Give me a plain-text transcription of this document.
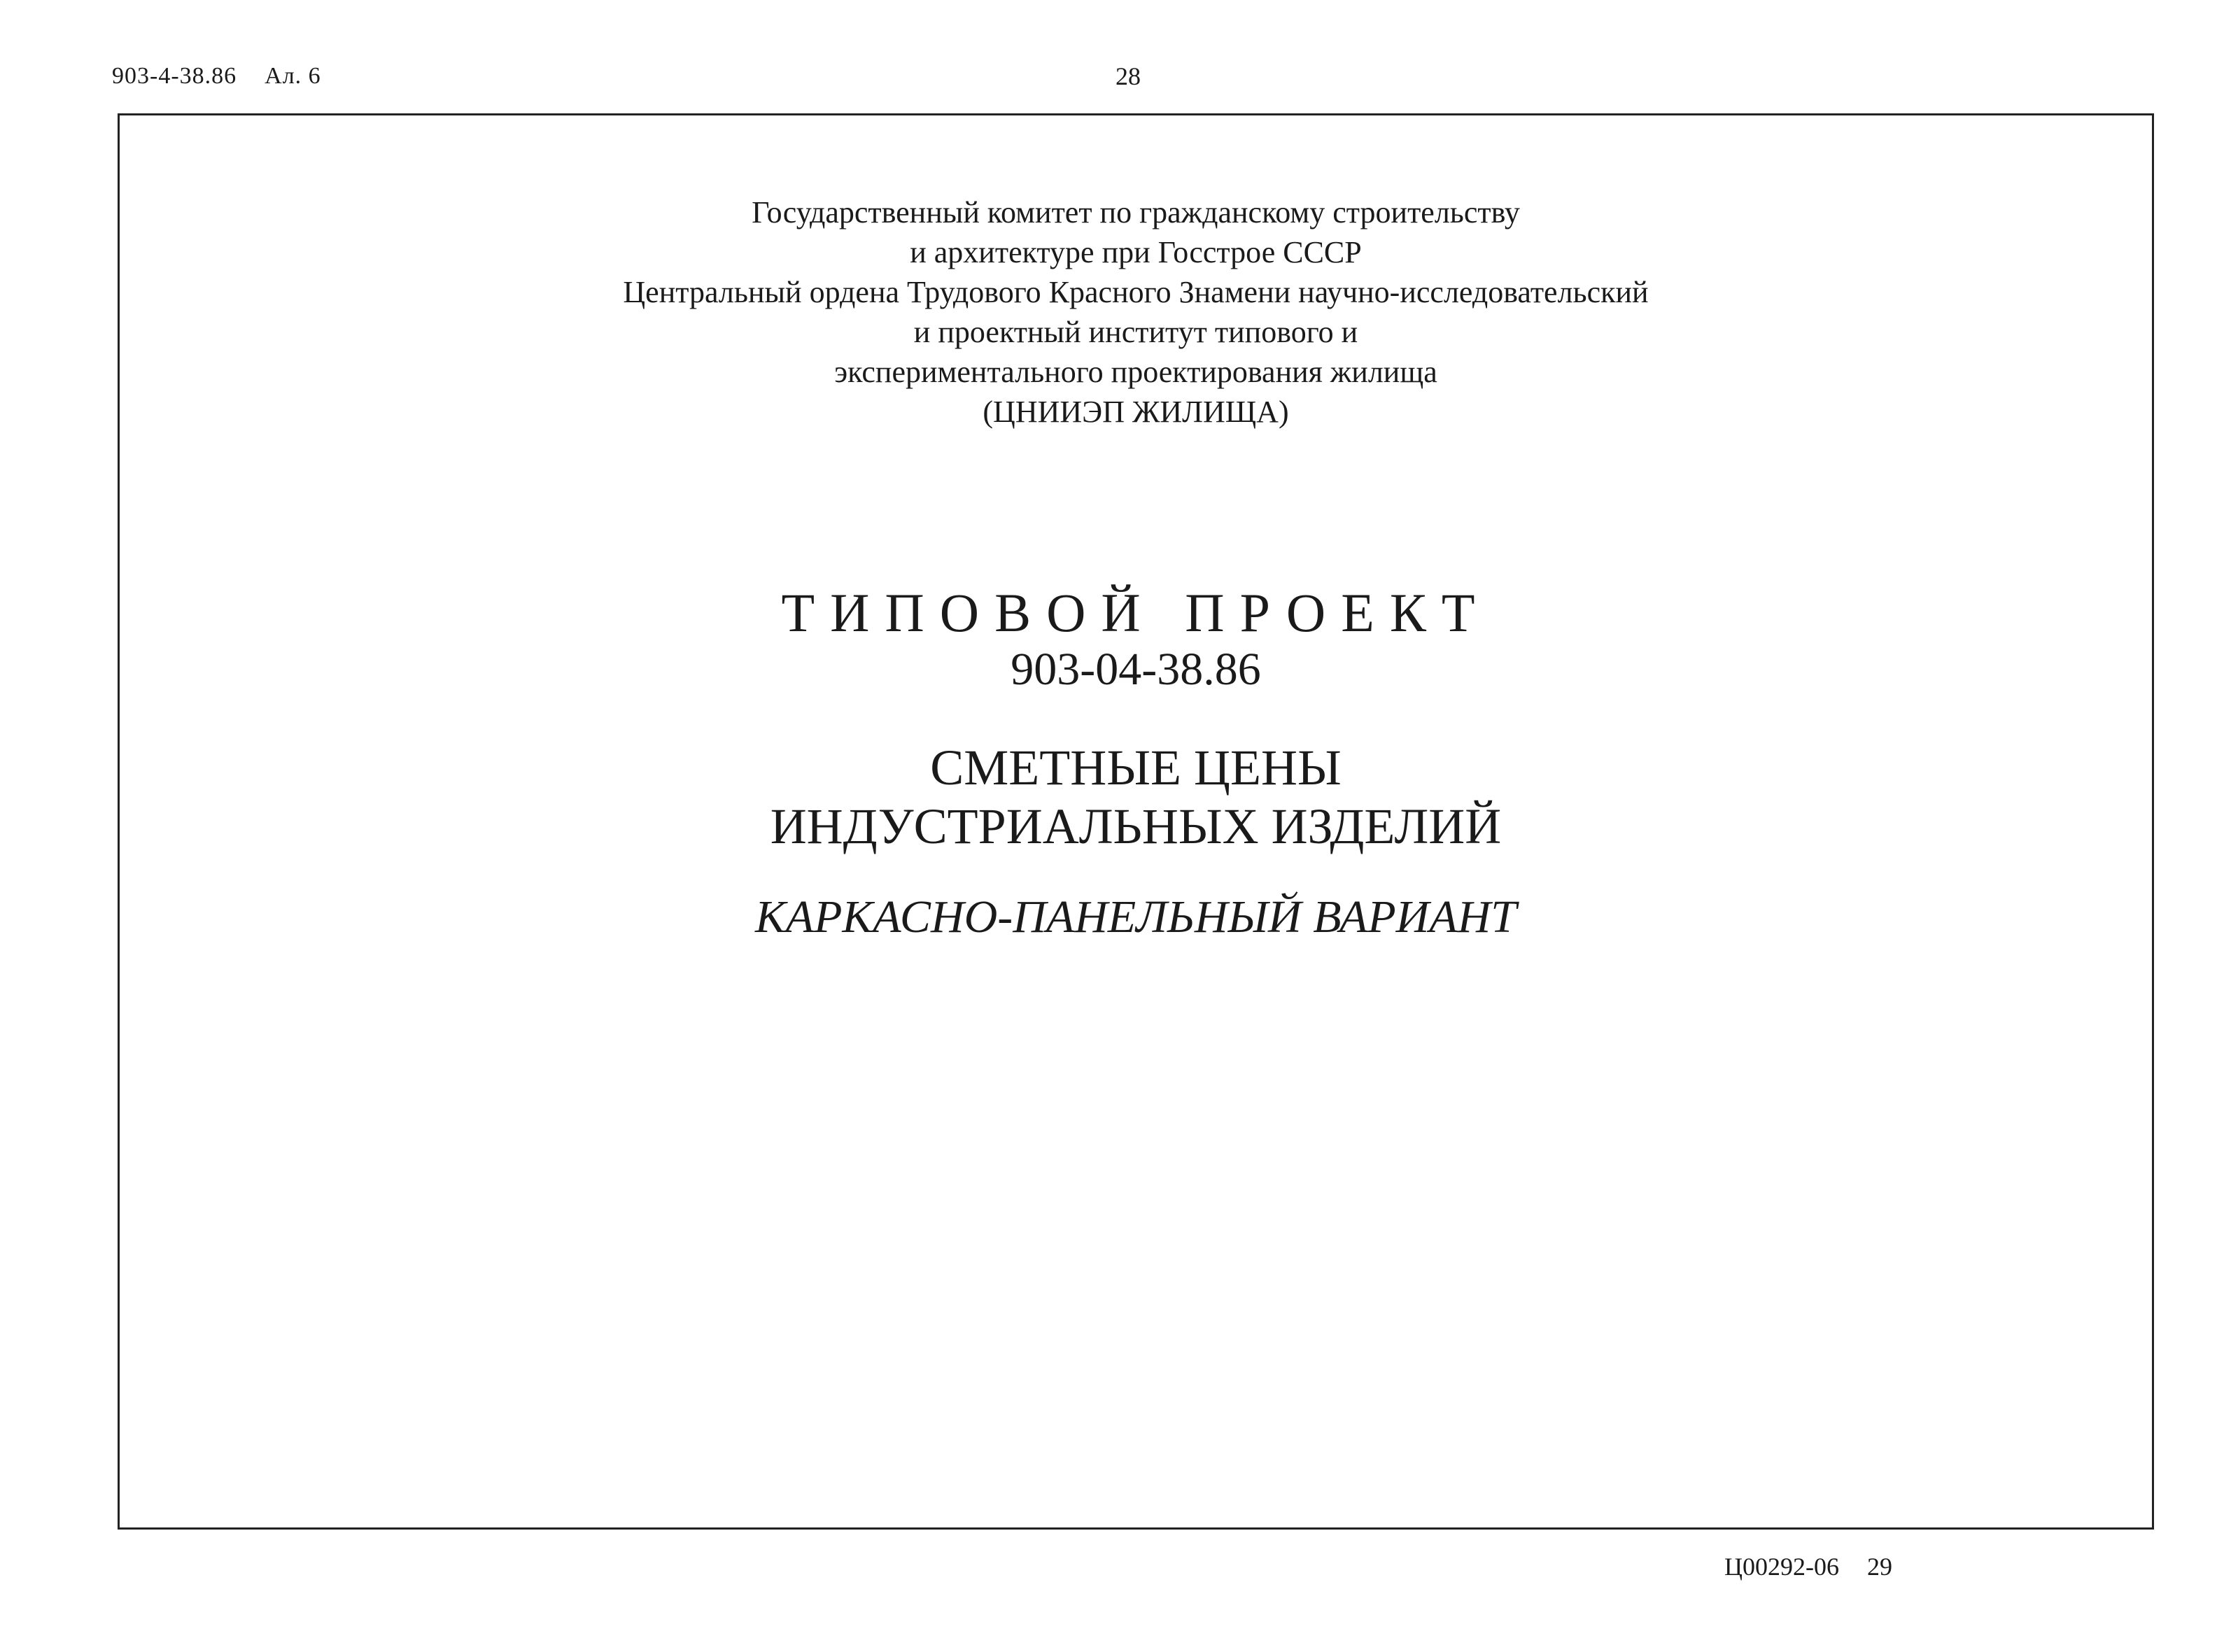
903-4-38.86 Ал. 6	28
Государственный комитет по гражданскому строительству
и архитектуре при Госстрое СССР
Центральный ордена Трудового Красного Знамени научно-исследовательский
и проектный институт типового и
экспериментального проектирования жилища
(ЦНИИЭП ЖИЛИЩА)
ТИПОВОЙ ПРОЕКТ
903-04-38.86
СМЕТНЫЕ ЦЕНЫ
ИНДУСТРИАЛЬНЫХ ИЗДЕЛИЙ
КАРКАСНО-ПАНЕЛЬНЫЙ ВАРИАНТ
Ц00292-06 29
